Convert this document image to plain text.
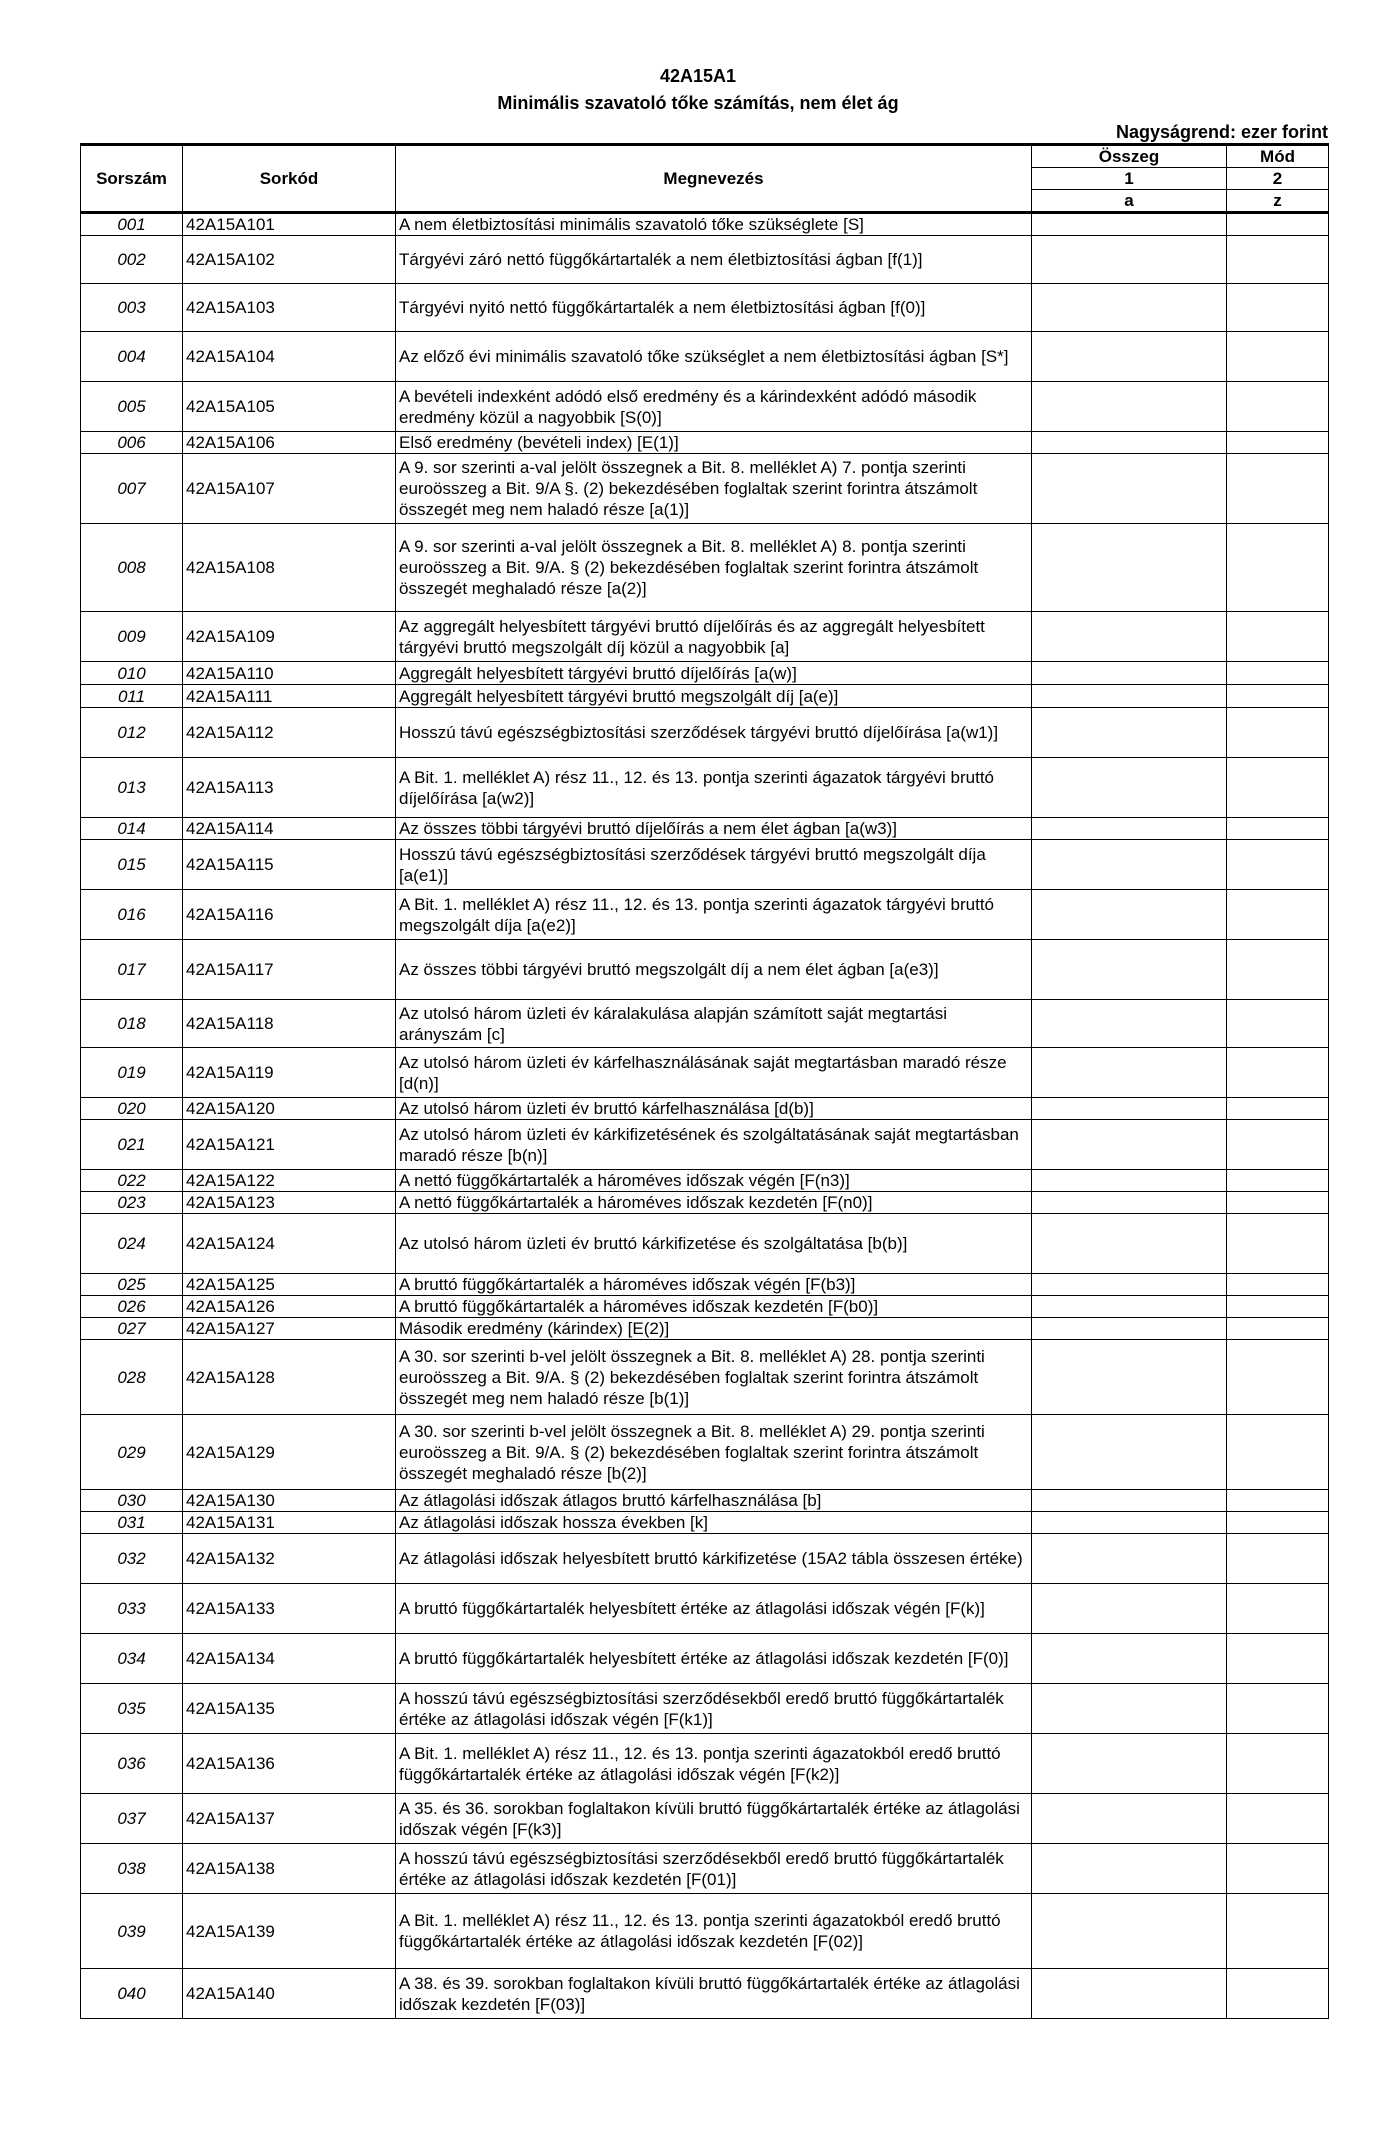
42A15A1
Minimális szavatoló tőke számítás, nem élet ág
Nagyságrend: ezer forint
Sorszám	Sorkód	Megnevezés	Összeg	Mód
			1	2
			a	z
001	42A15A101	A nem életbiztosítási minimális szavatoló tőke szükséglete [S]		
002	42A15A102	Tárgyévi záró nettó függőkártartalék a nem életbiztosítási ágban [f(1)]		
003	42A15A103	Tárgyévi nyitó nettó függőkártartalék a nem életbiztosítási ágban [f(0)]		
004	42A15A104	Az előző évi minimális szavatoló tőke szükséglet a nem életbiztosítási ágban [S*]		
005	42A15A105	A bevételi indexként adódó első eredmény és a kárindexként adódó második eredmény közül a nagyobbik [S(0)]		
006	42A15A106	Első eredmény (bevételi index) [E(1)]		
007	42A15A107	A 9. sor szerinti a-val jelölt összegnek a Bit. 8. melléklet A) 7. pontja szerinti euroösszeg a Bit. 9/A §. (2) bekezdésében foglaltak szerint forintra átszámolt összegét meg nem haladó része [a(1)]		
008	42A15A108	A 9. sor szerinti a-val jelölt összegnek a Bit. 8. melléklet A) 8. pontja szerinti euroösszeg a Bit. 9/A. § (2) bekezdésében foglaltak szerint forintra átszámolt összegét meghaladó része [a(2)]		
009	42A15A109	Az aggregált helyesbített tárgyévi bruttó díjelőírás és az aggregált helyesbített tárgyévi bruttó megszolgált díj közül a nagyobbik [a]		
010	42A15A110	Aggregált helyesbített tárgyévi bruttó díjelőírás [a(w)]		
011	42A15A111	Aggregált helyesbített tárgyévi bruttó megszolgált díj [a(e)]		
012	42A15A112	Hosszú távú egészségbiztosítási szerződések tárgyévi bruttó díjelőírása [a(w1)]		
013	42A15A113	A Bit. 1. melléklet A) rész 11., 12. és 13. pontja szerinti ágazatok tárgyévi bruttó díjelőírása [a(w2)]		
014	42A15A114	Az összes többi tárgyévi bruttó díjelőírás a nem élet ágban [a(w3)]		
015	42A15A115	Hosszú távú egészségbiztosítási szerződések tárgyévi bruttó megszolgált díja [a(e1)]		
016	42A15A116	A Bit. 1. melléklet A) rész 11., 12. és 13. pontja szerinti ágazatok tárgyévi bruttó megszolgált díja [a(e2)]		
017	42A15A117	Az összes többi tárgyévi bruttó megszolgált díj a nem élet ágban [a(e3)]		
018	42A15A118	Az utolsó három üzleti év káralakulása alapján számított saját megtartási arányszám [c]		
019	42A15A119	Az utolsó három üzleti év kárfelhasználásának saját megtartásban maradó része [d(n)]		
020	42A15A120	Az utolsó három üzleti év bruttó kárfelhasználása [d(b)]		
021	42A15A121	Az utolsó három üzleti év kárkifizetésének és szolgáltatásának saját megtartásban maradó része [b(n)]		
022	42A15A122	A nettó függőkártartalék a hároméves időszak végén [F(n3)]		
023	42A15A123	A nettó függőkártartalék a hároméves időszak kezdetén [F(n0)]		
024	42A15A124	Az utolsó három üzleti év bruttó kárkifizetése és szolgáltatása [b(b)]		
025	42A15A125	A bruttó függőkártartalék a hároméves időszak végén [F(b3)]		
026	42A15A126	A bruttó függőkártartalék a hároméves időszak kezdetén [F(b0)]		
027	42A15A127	Második eredmény (kárindex) [E(2)]		
028	42A15A128	A 30. sor szerinti b-vel jelölt összegnek a Bit. 8. melléklet A) 28. pontja szerinti euroösszeg a Bit. 9/A. § (2) bekezdésében foglaltak szerint forintra átszámolt összegét meg nem haladó része [b(1)]		
029	42A15A129	A 30. sor szerinti b-vel jelölt összegnek a Bit. 8. melléklet A) 29. pontja szerinti euroösszeg a Bit. 9/A. § (2) bekezdésében foglaltak szerint forintra átszámolt összegét meghaladó része [b(2)]		
030	42A15A130	Az átlagolási időszak átlagos bruttó kárfelhasználása [b]		
031	42A15A131	Az átlagolási időszak hossza években [k]		
032	42A15A132	Az átlagolási időszak helyesbített bruttó kárkifizetése (15A2 tábla összesen értéke)		
033	42A15A133	A bruttó függőkártartalék helyesbített értéke az átlagolási időszak végén [F(k)]		
034	42A15A134	A bruttó függőkártartalék helyesbített értéke az átlagolási időszak kezdetén [F(0)]		
035	42A15A135	A hosszú távú egészségbiztosítási szerződésekből eredő bruttó függőkártartalék értéke az átlagolási időszak végén [F(k1)]		
036	42A15A136	A Bit. 1. melléklet A) rész 11., 12. és 13. pontja szerinti ágazatokból eredő bruttó függőkártartalék értéke az átlagolási időszak végén [F(k2)]		
037	42A15A137	A 35. és 36. sorokban foglaltakon kívüli bruttó függőkártartalék értéke az átlagolási időszak végén [F(k3)]		
038	42A15A138	A hosszú távú egészségbiztosítási szerződésekből eredő bruttó függőkártartalék értéke az átlagolási időszak kezdetén [F(01)]		
039	42A15A139	A Bit. 1. melléklet A) rész 11., 12. és 13. pontja szerinti ágazatokból eredő bruttó függőkártartalék értéke az átlagolási időszak kezdetén [F(02)]		
040	42A15A140	A 38. és 39. sorokban foglaltakon kívüli bruttó függőkártartalék értéke az átlagolási időszak kezdetén [F(03)]		
